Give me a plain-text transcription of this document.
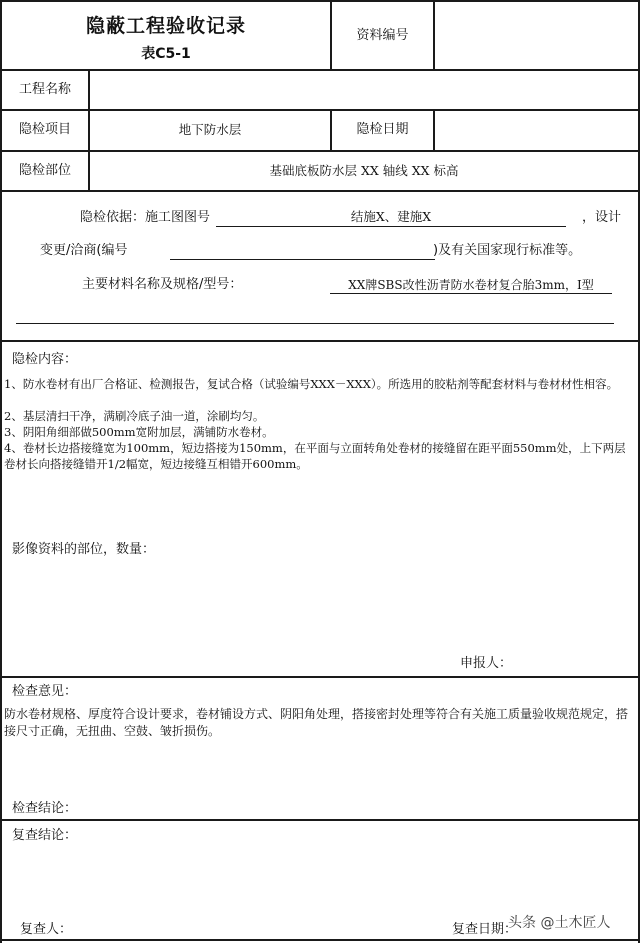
隐蔽工程验收记录
表C5-1
资料编号
工程名称
隐检项目	地下防水层	隐检日期
隐检部位	基础底板防水层 XX 轴线 XX 标高
隐检依据：施工图图号	结施X、建施X	，设计
变更/洽商(编号	)及有关国家现行标准等。
主要材料名称及规格/型号：	XX牌SBS改性沥青防水卷材复合胎3mm，I型
隐检内容：
1、防水卷材有出厂合格证、检测报告，复试合格（试验编号XXX－XXX）。所选用的胶粘剂等配套材料与卷材材性相容。
2、基层清扫干净，满刷冷底子油一道，涂刷均匀。
3、阴阳角细部做500mm宽附加层，满铺防水卷材。
4、卷材长边搭接缝宽为100mm，短边搭接为150mm，在平面与立面转角处卷材的接缝留在距平面550mm处，上下两层卷材长向搭接缝错开1/2幅宽，短边接缝互相错开600mm。
影像资料的部位，数量：
申报人：
检查意见：
防水卷材规格、厚度符合设计要求，卷材铺设方式、阴阳角处理，搭接密封处理等符合有关施工质量验收规范规定，搭接尺寸正确，无扭曲、空鼓、皱折损伤。
检查结论：
复查结论：
复查人：	复查日期：
头条 @土木匠人
